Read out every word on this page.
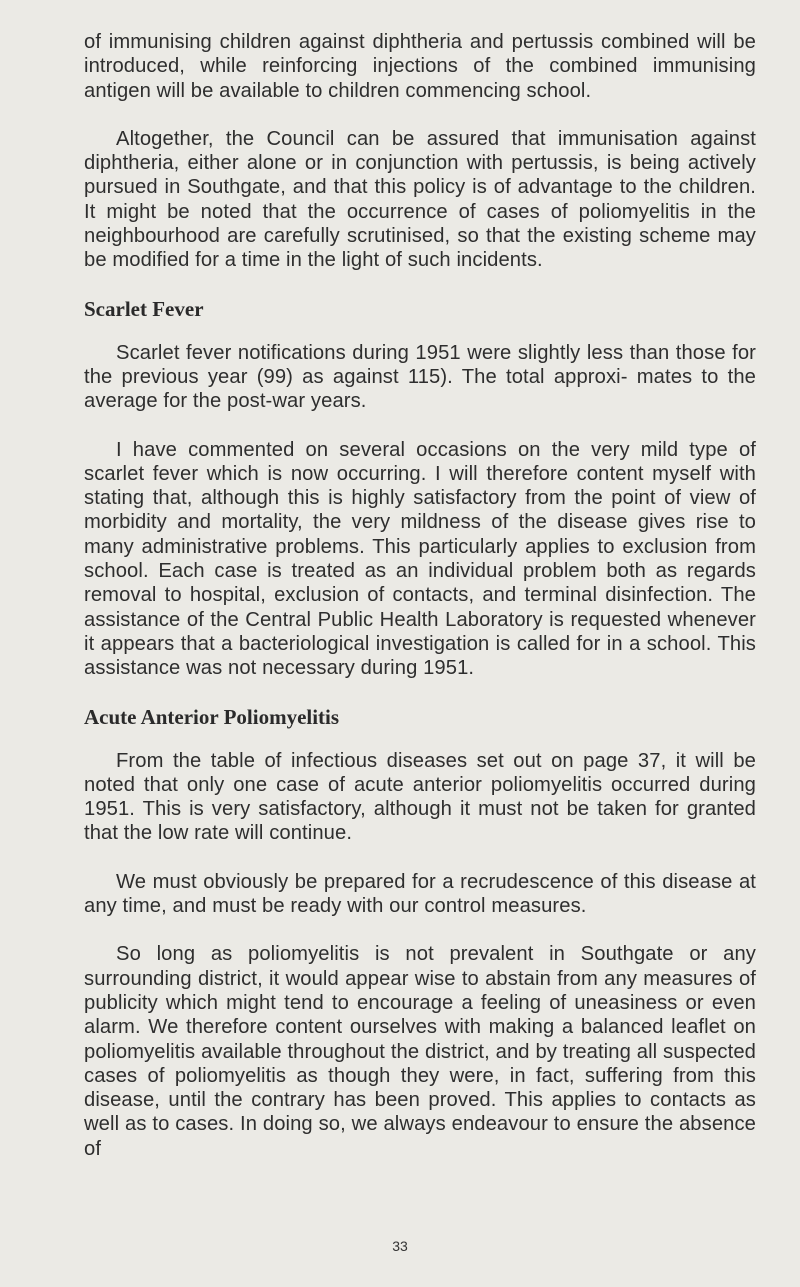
of immunising children against diphtheria and pertussis combined will be introduced, while reinforcing injections of the combined immunising antigen will be available to children commencing school.

Altogether, the Council can be assured that immunisation against diphtheria, either alone or in conjunction with pertussis, is being actively pursued in Southgate, and that this policy is of advantage to the children. It might be noted that the occurrence of cases of poliomyelitis in the neighbourhood are carefully scrutinised, so that the existing scheme may be modified for a time in the light of such incidents.

Scarlet Fever

Scarlet fever notifications during 1951 were slightly less than those for the previous year (99) as against 115). The total approxi- mates to the average for the post-war years.

I have commented on several occasions on the very mild type of scarlet fever which is now occurring. I will therefore content myself with stating that, although this is highly satisfactory from the point of view of morbidity and mortality, the very mildness of the disease gives rise to many administrative problems. This particularly applies to exclusion from school. Each case is treated as an individual problem both as regards removal to hospital, exclusion of contacts, and terminal disinfection. The assistance of the Central Public Health Laboratory is requested whenever it appears that a bacteriological investigation is called for in a school. This assistance was not necessary during 1951.

Acute Anterior Poliomyelitis

From the table of infectious diseases set out on page 37, it will be noted that only one case of acute anterior poliomyelitis occurred during 1951. This is very satisfactory, although it must not be taken for granted that the low rate will continue.

We must obviously be prepared for a recrudescence of this disease at any time, and must be ready with our control measures.

So long as poliomyelitis is not prevalent in Southgate or any surrounding district, it would appear wise to abstain from any measures of publicity which might tend to encourage a feeling of uneasiness or even alarm. We therefore content ourselves with making a balanced leaflet on poliomyelitis available throughout the district, and by treating all suspected cases of poliomyelitis as though they were, in fact, suffering from this disease, until the contrary has been proved. This applies to contacts as well as to cases. In doing so, we always endeavour to ensure the absence of

33
